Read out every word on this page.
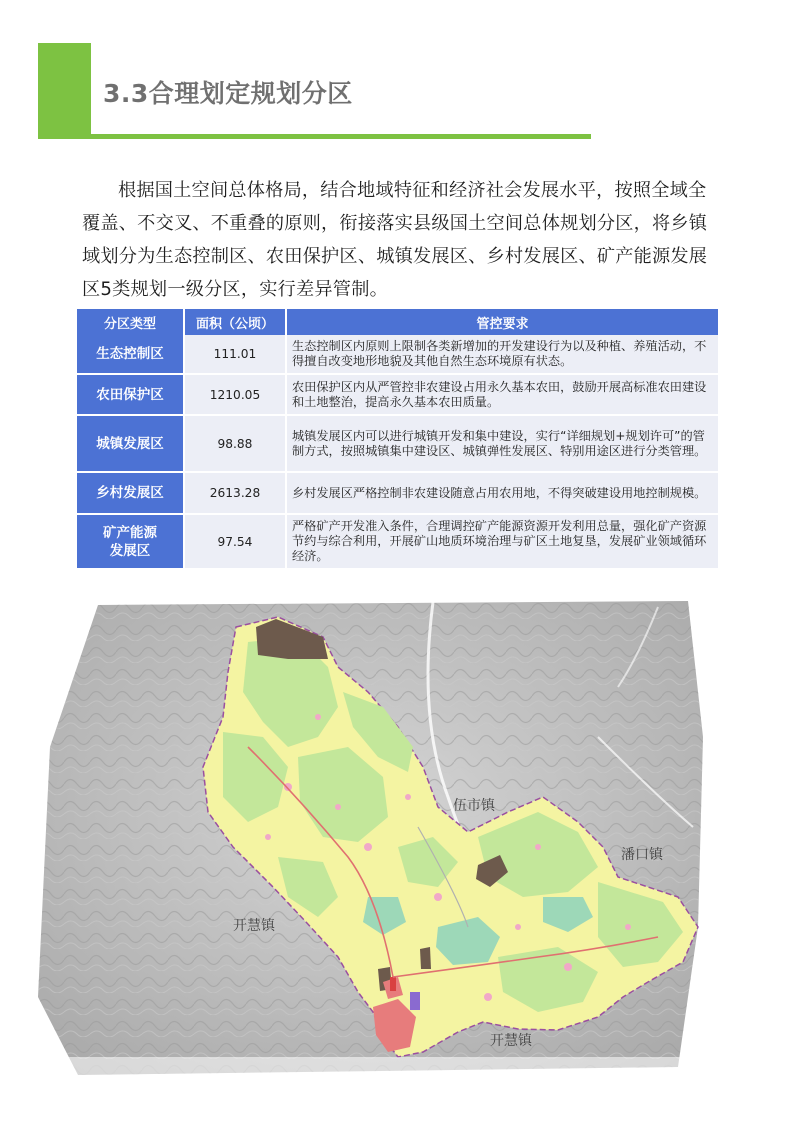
3.3合理划定规划分区

根据国土空间总体格局，结合地域特征和经济社会发展水平，按照全域全覆盖、不交叉、不重叠的原则，衔接落实县级国土空间总体规划分区，将乡镇域划分为生态控制区、农田保护区、城镇发展区、乡村发展区、矿产能源发展区5类规划一级分区，实行差异管制。

分区类型	面积（公顷）	管控要求
生态控制区	111.01	生态控制区内原则上限制各类新增加的开发建设行为以及种植、养殖活动，不得擅自改变地形地貌及其他自然生态环境原有状态。
农田保护区	1210.05	农田保护区内从严管控非农建设占用永久基本农田，鼓励开展高标准农田建设和土地整治，提高永久基本农田质量。
城镇发展区	98.88	城镇发展区内可以进行城镇开发和集中建设，实行“详细规划+规划许可”的管制方式，按照城镇集中建设区、城镇弹性发展区、特别用途区进行分类管理。
乡村发展区	2613.28	乡村发展区严格控制非农建设随意占用农用地，不得突破建设用地控制规模。
矿产能源
发展区	97.54	严格矿产开发准入条件，合理调控矿产能源资源开发利用总量，强化矿产资源节约与综合利用，开展矿山地质环境治理与矿区土地复垦，发展矿业领域循环经济。
伍市镇
潘口镇
开慧镇
开慧镇
